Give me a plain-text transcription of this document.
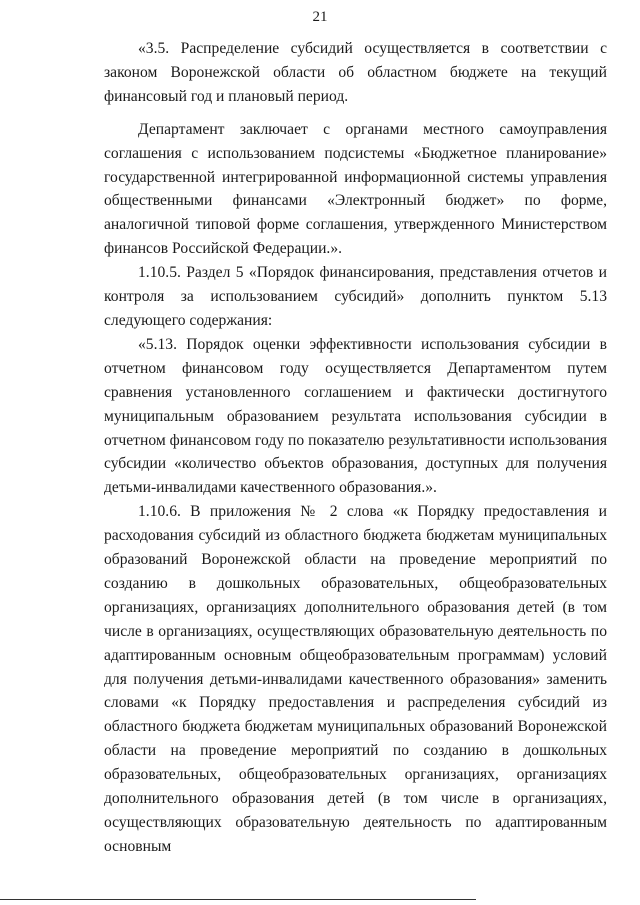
21

«3.5. Распределение субсидий осуществляется в соответствии с законом Воронежской области об областном бюджете на текущий финансовый год и плановый период.

Департамент заключает с органами местного самоуправления соглашения с использованием подсистемы «Бюджетное планирование» государственной интегрированной информационной системы управления общественными финансами «Электронный бюджет» по форме, аналогичной типовой форме соглашения, утвержденного Министерством финансов Российской Федерации.».

1.10.5. Раздел 5 «Порядок финансирования, представления отчетов и контроля за использованием субсидий» дополнить пунктом 5.13 следующего содержания:

«5.13. Порядок оценки эффективности использования субсидии в отчетном финансовом году осуществляется Департаментом путем сравнения установленного соглашением и фактически достигнутого муниципальным образованием результата использования субсидии в отчетном финансовом году по показателю результативности использования субсидии «количество объектов образования, доступных для получения детьми-инвалидами качественного образования.».

1.10.6. В приложения № 2 слова «к Порядку предоставления и расходования субсидий из областного бюджета бюджетам муниципальных образований Воронежской области на проведение мероприятий по созданию в дошкольных образовательных, общеобразовательных организациях, организациях дополнительного образования детей (в том числе в организациях, осуществляющих образовательную деятельность по адаптированным основным общеобразовательным программам) условий для получения детьми-инвалидами качественного образования» заменить словами «к Порядку предоставления и распределения субсидий из областного бюджета бюджетам муниципальных образований Воронежской области на проведение мероприятий по созданию в дошкольных образовательных, общеобразовательных организациях, организациях дополнительного образования детей (в том числе в организациях, осуществляющих образовательную деятельность по адаптированным основным
